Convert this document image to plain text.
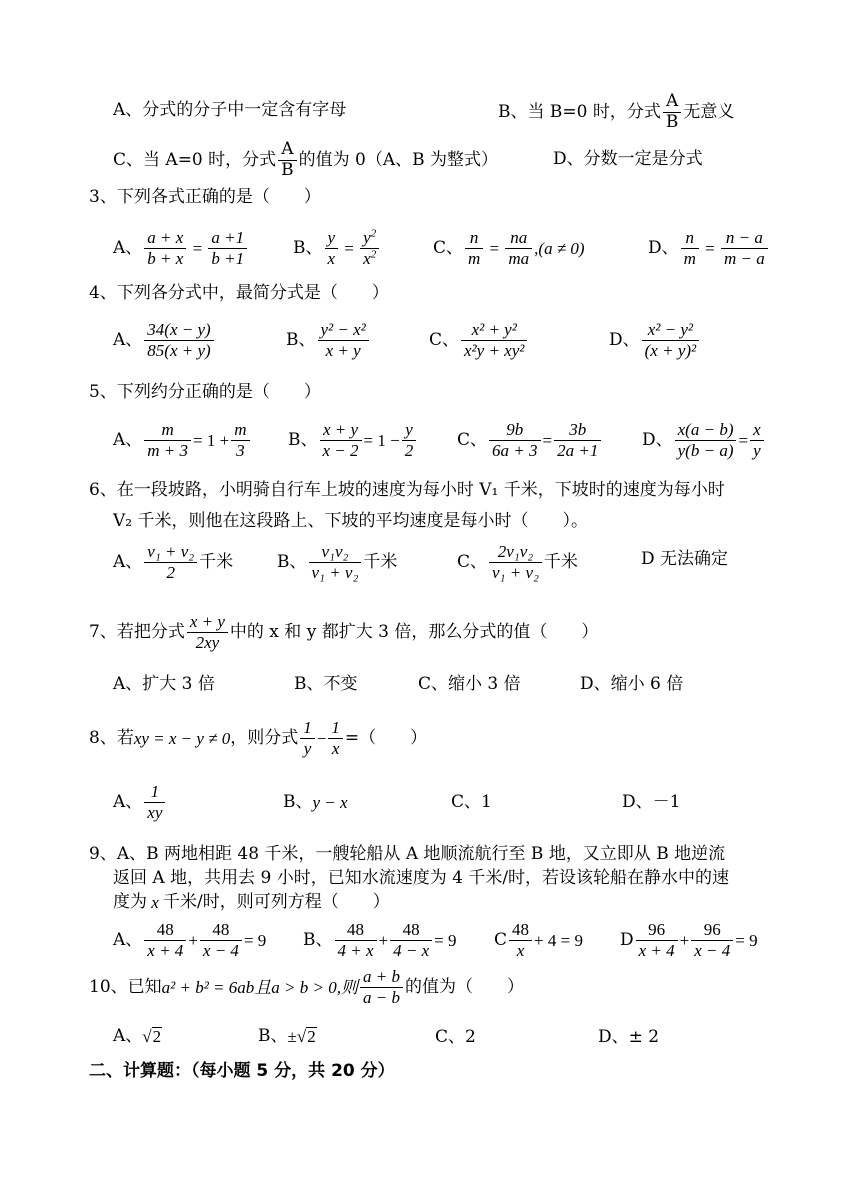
A、分式的分子中一定含有字母	B、当 B=0 时，分式 $\frac{A}{B}$ 无意义
C、当 A=0 时，分式 $\frac{A}{B}$ 的值为 0（A、B 为整式）	D、分数一定是分式
3、下列各式正确的是（　　）
A、 $\frac{a + x}{b + x} = \frac{a +1}{b +1}$	B、 $\frac{y}{x} = \frac{y^2}{x^2}$	C、 $\frac{n}{m} = \frac{na}{ma} ,(a \ne 0)$	D、 $\frac{n}{m} = \frac{n - a}{m - a}$
4、下列各分式中，最简分式是（　　）
A、 $\frac{34(x - y)}{85(x + y)}$	B、 $\frac{\text{y² − x²}}{x + y}$	C、 $\frac{\text{x² + y²}}{\text{x²y + xy²}}$	D、 $\frac{\text{x² − y²}}{\text{(x + y)²}}$
5、下列约分正确的是（　　）
A、 $\frac{m}{m + 3} = 1 + \frac{m}{3}$ B、 $\frac{x + y}{x - 2} = 1 - \frac{y}{2}$ C、 $\frac{9b}{6a + 3} = \frac{3b}{2a +1}$ D、 $\frac{x(a - b)}{y(b - a)} = \frac{x}{y}$
6、在一段坡路，小明骑自行车上坡的速度为每小时 V₁ 千米，下坡时的速度为每小时
V₂ 千米，则他在这段路上、下坡的平均速度是每小时（　　）。
A、 $\frac{\text{v₁ + v₂}}{2}$ 千米	B、 $\frac{\text{v₁v₂}}{\text{v₁ + v₂}}$ 千米	C、 $\frac{\text{2v₁v₂}}{\text{v₁ + v₂}}$ 千米	D 无法确定
7、若把分式 $\frac{x + y}{2xy}$ 中的 x 和 y 都扩大 3 倍，那么分式的值（　　）
A、扩大 3 倍	B、不变	C、缩小 3 倍	D、缩小 6 倍
8、若 xy = x − y ≠ 0 ，则分式 $\frac{1}{y} - \frac{1}{x}$ =（　　）
A、 $\frac{1}{xy}$	B、 y − x	C、1	D、－1
9、A、B 两地相距 48 千米，一艘轮船从 A 地顺流航行至 B 地，又立即从 B 地逆流
返回 A 地，共用去 9 小时，已知水流速度为 4 千米/时，若设该轮船在静水中的速
度为 x 千米/时，则可列方程（　　）
A、 $\frac{48}{x + 4} + \frac{48}{x - 4} = 9$ B、 $\frac{48}{4 + x} + \frac{48}{4 - x} = 9$ C $\frac{48}{x} + 4 = 9$ D $\frac{96}{x + 4} + \frac{96}{x - 4} = 9$
10、已知 a² + b² = 6ab且a > b > 0,则 $\frac{a + b}{a - b}$ 的值为（　　）
A、 √ 2	B、 ± √ 2	C、2	D、± 2
二、计算题：（每小题 5 分，共 20 分）
